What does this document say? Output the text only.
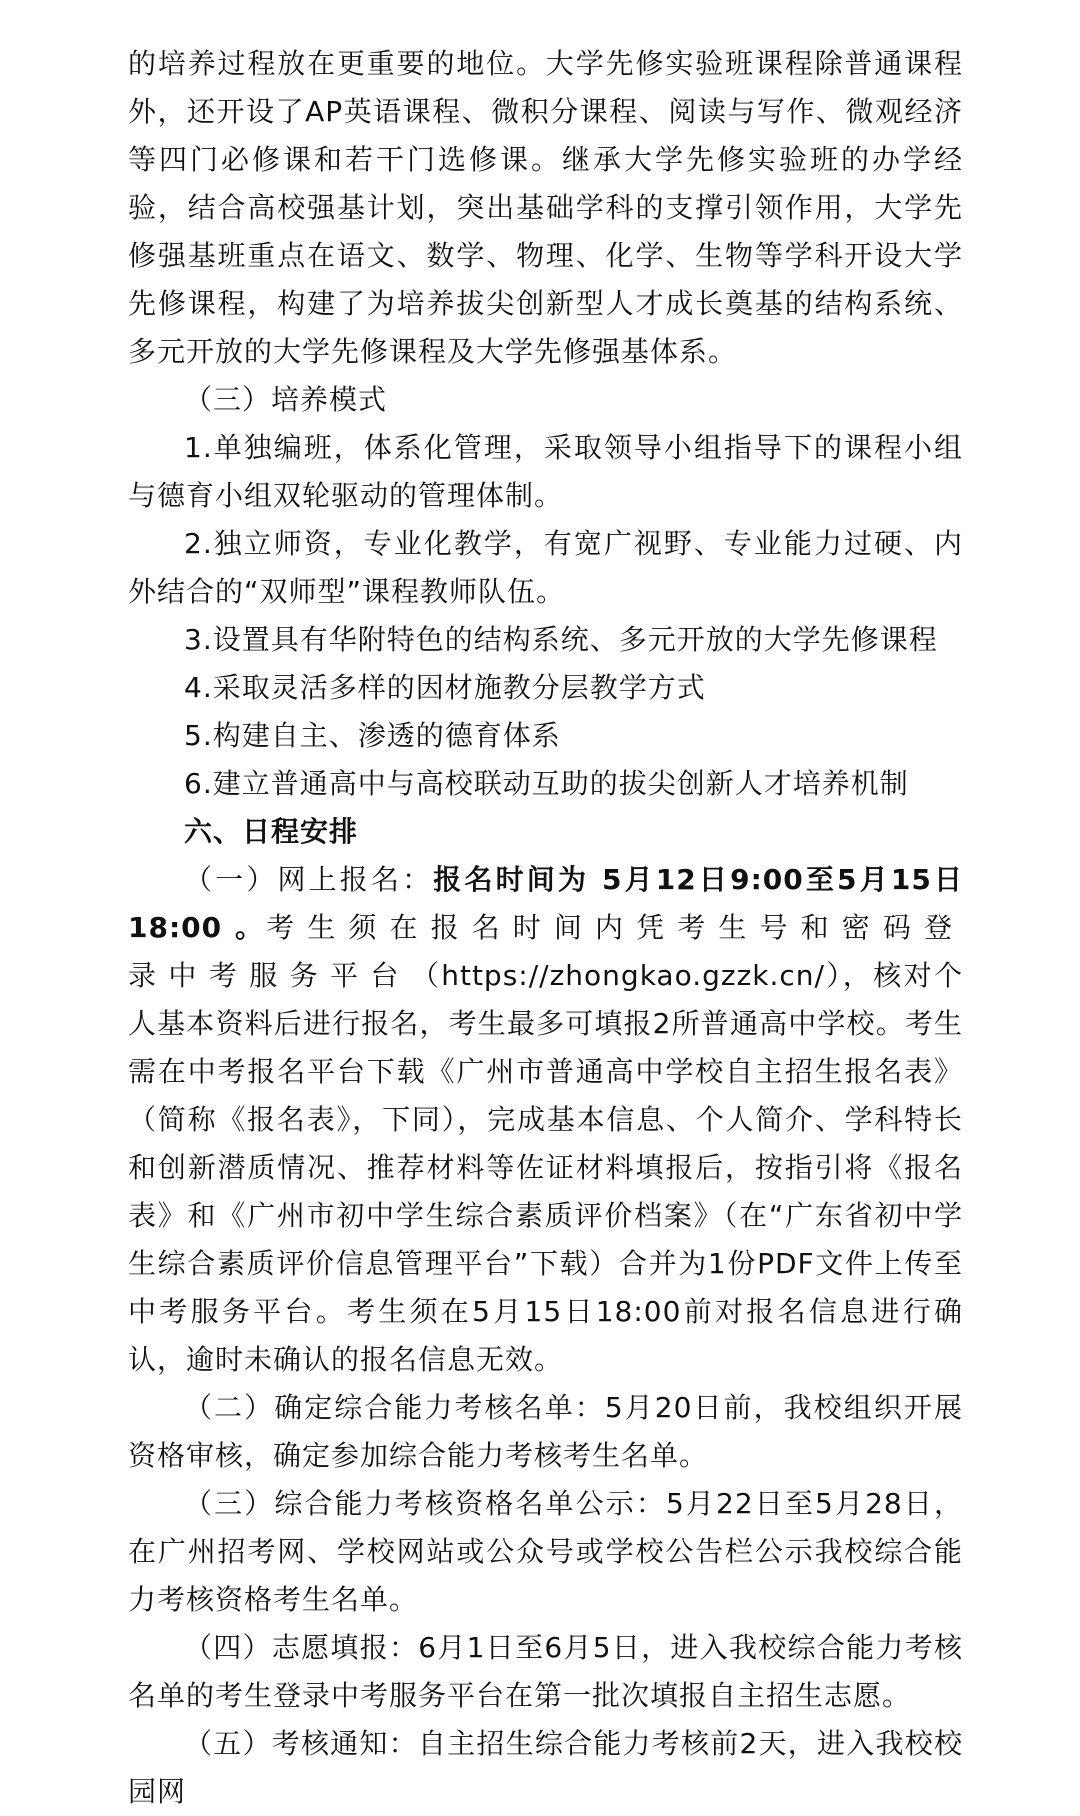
的培养过程放在更重要的地位。大学先修实验班课程除普通课程外，还开设了AP英语课程、微积分课程、阅读与写作、微观经济等四门必修课和若干门选修课。继承大学先修实验班的办学经验，结合高校强基计划，突出基础学科的支撑引领作用，大学先修强基班重点在语文、数学、物理、化学、生物等学科开设大学先修课程，构建了为培养拔尖创新型人才成长奠基的结构系统、多元开放的大学先修课程及大学先修强基体系。

（三）培养模式

1.单独编班，体系化管理，采取领导小组指导下的课程小组与德育小组双轮驱动的管理体制。

2.独立师资，专业化教学，有宽广视野、专业能力过硬、内外结合的“双师型”课程教师队伍。

3.设置具有华附特色的结构系统、多元开放的大学先修课程

4.采取灵活多样的因材施教分层教学方式

5.构建自主、渗透的德育体系

6.建立普通高中与高校联动互助的拔尖创新人才培养机制

六、日程安排

（一）网上报名：报名时间为 5月12日9:00至5月15日18:00 。考生须在报名时间内凭考生号和密码登录中考服务平台（https://zhongkao.gzzk.cn/），核对个人基本资料后进行报名，考生最多可填报2所普通高中学校。考生需在中考报名平台下载《广州市普通高中学校自主招生报名表》（简称《报名表》，下同），完成基本信息、个人简介、学科特长和创新潜质情况、推荐材料等佐证材料填报后，按指引将《报名表》和《广州市初中学生综合素质评价档案》（在“广东省初中学生综合素质评价信息管理平台”下载）合并为1份PDF文件上传至中考服务平台。考生须在5月15日18:00前对报名信息进行确认，逾时未确认的报名信息无效。

（二）确定综合能力考核名单：5月20日前，我校组织开展资格审核，确定参加综合能力考核考生名单。

（三）综合能力考核资格名单公示：5月22日至5月28日，在广州招考网、学校网站或公众号或学校公告栏公示我校综合能力考核资格考生名单。

（四）志愿填报：6月1日至6月5日，进入我校综合能力考核名单的考生登录中考服务平台在第一批次填报自主招生志愿。

（五）考核通知：自主招生综合能力考核前2天，进入我校校园网
